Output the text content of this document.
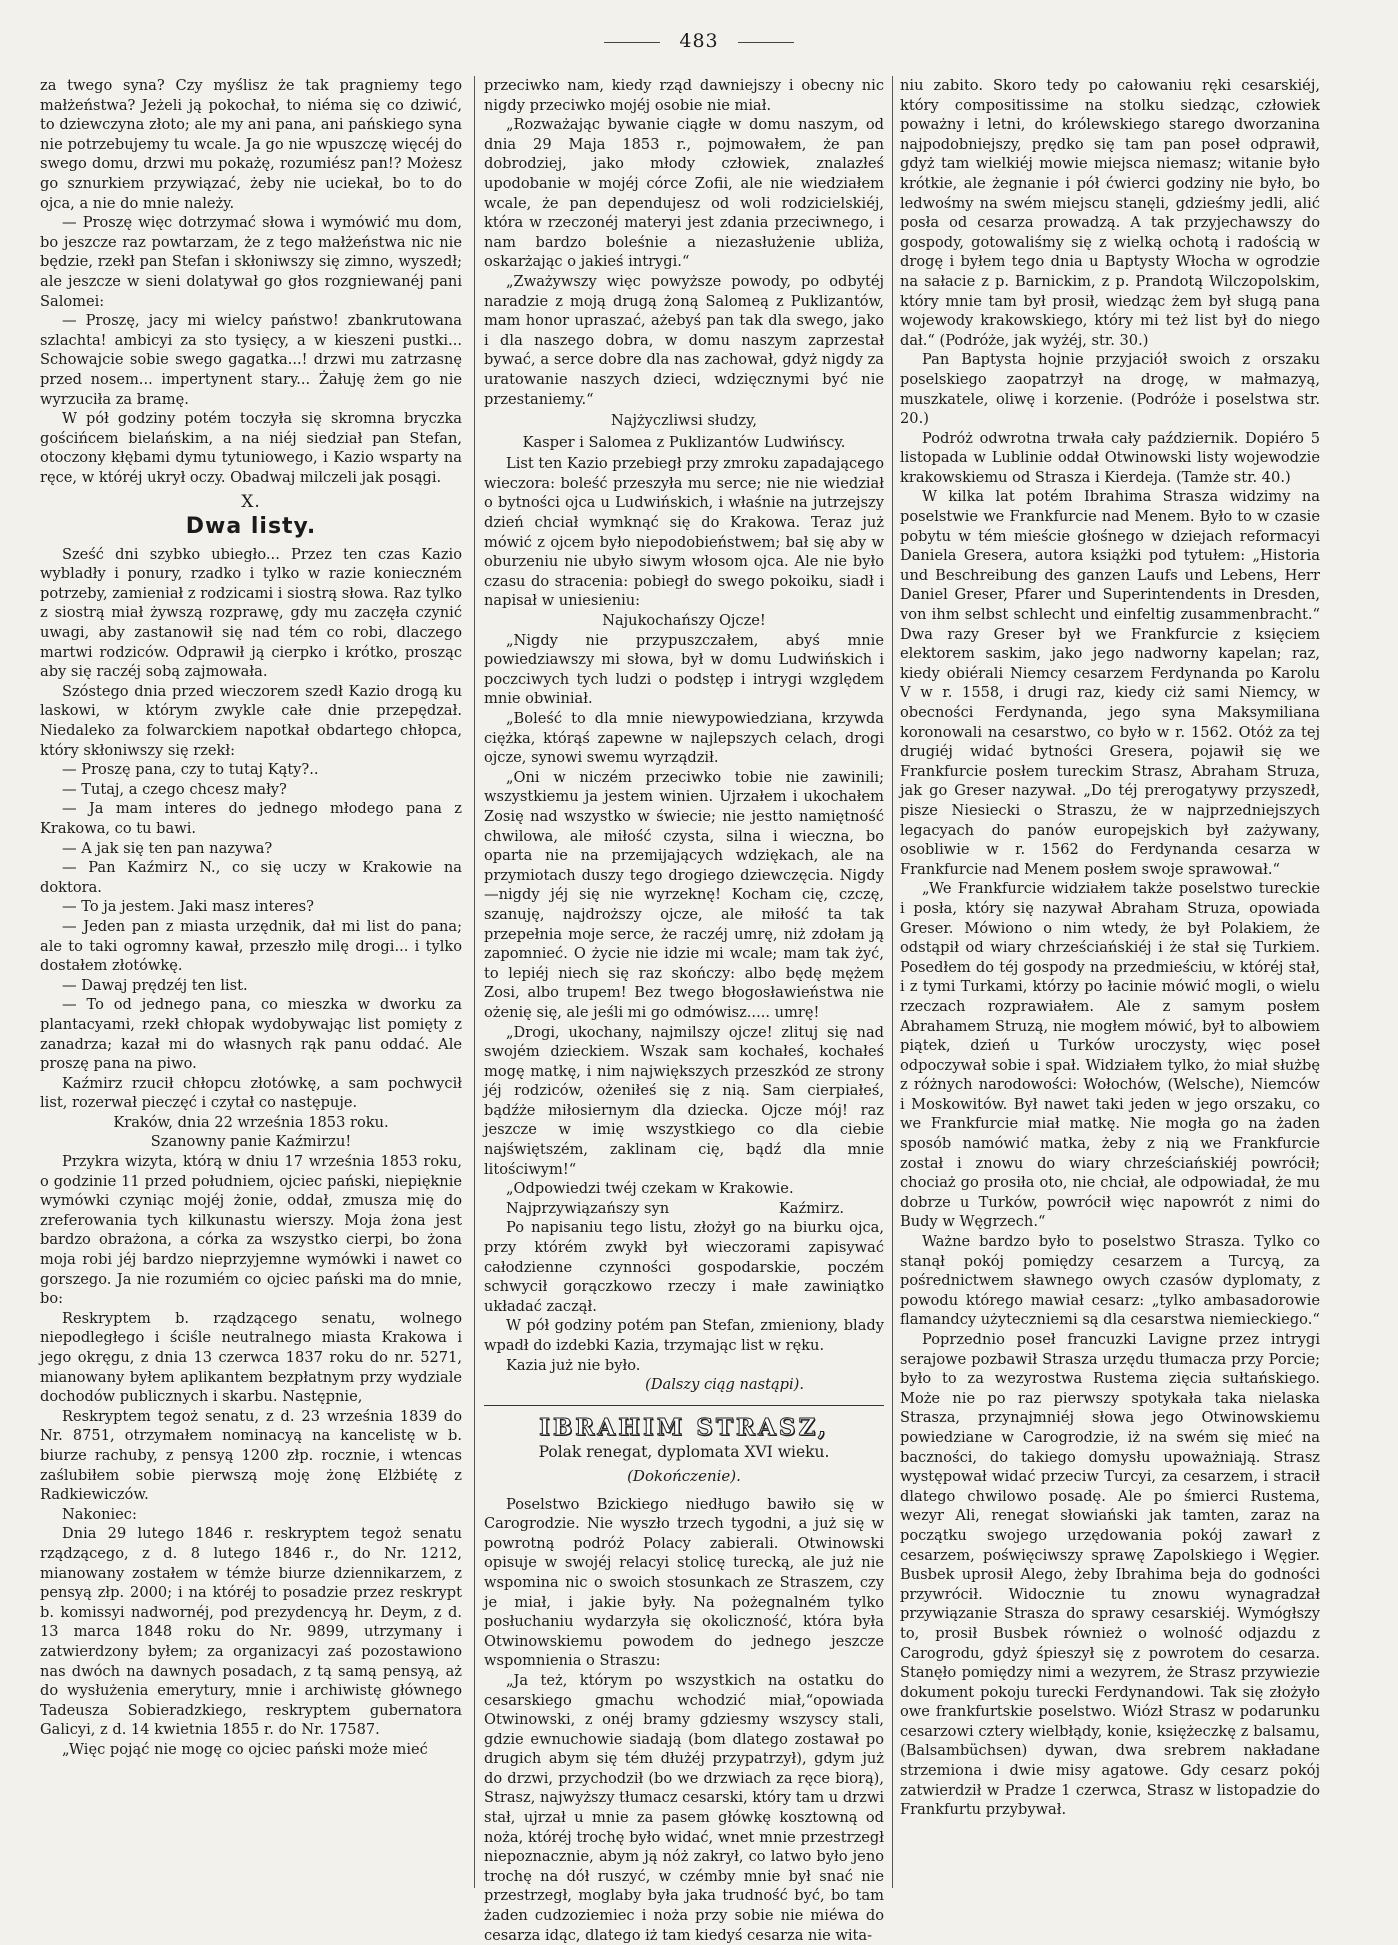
483

za twego syna? Czy myślisz że tak pragniemy tego małżeństwa? Jeżeli ją pokochał, to niéma się co dziwić, to dziewczyna złoto; ale my ani pana, ani pańskiego syna nie potrzebujemy tu wcale. Ja go nie wpuszczę więcéj do swego domu, drzwi mu pokażę, rozumiész pan!? Możesz go sznurkiem przywiązać, żeby nie uciekał, bo to do ojca, a nie do mnie należy.

— Proszę więc dotrzymać słowa i wymówić mu dom, bo jeszcze raz powtarzam, że z tego małżeństwa nic nie będzie, rzekł pan Stefan i skłoniwszy się zimno, wyszedł; ale jeszcze w sieni dolatywał go głos rozgniewanéj pani Salomei:

— Proszę, jacy mi wielcy państwo! zbankrutowana szlachta! ambicyi za sto tysięcy, a w kieszeni pustki... Schowajcie sobie swego gagatka...! drzwi mu zatrzasnę przed nosem... impertynent stary... Żałuję żem go nie wyrzuciła za bramę.

W pół godziny potém toczyła się skromna bryczka gościńcem bielańskim, a na niéj siedział pan Stefan, otoczony kłębami dymu tytuniowego, i Kazio wsparty na ręce, w któréj ukrył oczy. Obadwaj milczeli jak posągi.

X.
Dwa listy.

Sześć dni szybko ubiegło... Przez ten czas Kazio wybladły i ponury, rzadko i tylko w razie konieczném potrzeby, zamieniał z rodzicami i siostrą słowa. Raz tylko z siostrą miał żywszą rozprawę, gdy mu zaczęła czynić uwagi, aby zastanowił się nad tém co robi, dlaczego martwi rodziców. Odprawił ją cierpko i krótko, prosząc aby się raczéj sobą zajmowała.

Szóstego dnia przed wieczorem szedł Kazio drogą ku laskowi, w którym zwykle całe dnie przepędzał. Niedaleko za folwarckiem napotkał obdartego chłopca, który skłoniwszy się rzekł:

— Proszę pana, czy to tutaj Kąty?..

— Tutaj, a czego chcesz mały?

— Ja mam interes do jednego młodego pana z Krakowa, co tu bawi.

— A jak się ten pan nazywa?

— Pan Kaźmirz N., co się uczy w Krakowie na doktora.

— To ja jestem. Jaki masz interes?

— Jeden pan z miasta urzędnik, dał mi list do pana; ale to taki ogromny kawał, przeszło milę drogi... i tylko dostałem złotówkę.

— Dawaj prędzéj ten list.

— To od jednego pana, co mieszka w dworku za plantacyami, rzekł chłopak wydobywając list pomięty z zanadrza; kazał mi do własnych rąk panu oddać. Ale proszę pana na piwo.

Kaźmirz rzucił chłopcu złotówkę, a sam pochwycił list, rozerwał pieczęć i czytał co następuje.

Kraków, dnia 22 września 1853 roku.

Szanowny panie Kaźmirzu!

Przykra wizyta, którą w dniu 17 września 1853 roku, o godzinie 11 przed południem, ojciec pański, niepięknie wymówki czyniąc mojéj żonie, oddał, zmusza mię do zreferowania tych kilkunastu wierszy. Moja żona jest bardzo obrażona, a córka za wszystko cierpi, bo żona moja robi jéj bardzo nieprzyjemne wymówki i nawet co gorszego. Ja nie rozumiém co ojciec pański ma do mnie, bo:

Reskryptem b. rządzącego senatu, wolnego niepodległego i ściśle neutralnego miasta Krakowa i jego okręgu, z dnia 13 czerwca 1837 roku do nr. 5271, mianowany byłem aplikantem bezpłatnym przy wydziale dochodów publicznych i skarbu. Następnie,

Reskryptem tegoż senatu, z d. 23 września 1839 do Nr. 8751, otrzymałem nominacyą na kancelistę w b. biurze rachuby, z pensyą 1200 złp. rocznie, i wtencas zaślubiłem sobie pierwszą moję żonę Elżbiétę z Radkiewiczów.

Nakoniec:

Dnia 29 lutego 1846 r. reskryptem tegoż senatu rządzącego, z d. 8 lutego 1846 r., do Nr. 1212, mianowany zostałem w témże biurze dziennikarzem, z pensyą złp. 2000; i na któréj to posadzie przez reskrypt b. komissyi nadwornéj, pod prezydencyą hr. Deym, z d. 13 marca 1848 roku do Nr. 9899, utrzymany i zatwierdzony byłem; za organizacyi zaś pozostawiono nas dwóch na dawnych posadach, z tą samą pensyą, aż do wysłużenia emerytury, mnie i archiwistę głównego Tadeusza Sobieradzkiego, reskryptem gubernatora Galicyi, z d. 14 kwietnia 1855 r. do Nr. 17587.

„Więc pojąć nie mogę co ojciec pański może mieć

przeciwko nam, kiedy rząd dawniejszy i obecny nic nigdy przeciwko mojéj osobie nie miał.

„Rozważając bywanie ciągłe w domu naszym, od dnia 29 Maja 1853 r., pojmowałem, że pan dobrodziej, jako młody człowiek, znalazłeś upodobanie w mojéj córce Zofii, ale nie wiedziałem wcale, że pan dependujesz od woli rodzicielskiéj, która w rzeczonéj materyi jest zdania przeciwnego, i nam bardzo boleśnie a niezasłużenie ubliża, oskarżając o jakieś intrygi.“

„Zważywszy więc powyższe powody, po odbytéj naradzie z moją drugą żoną Salomeą z Puklizantów, mam honor upraszać, ażebyś pan tak dla swego, jako i dla naszego dobra, w domu naszym zaprzestał bywać, a serce dobre dla nas zachował, gdyż nigdy za uratowanie naszych dzieci, wdzięcznymi być nie przestaniemy.“

Najżyczliwsi słudzy,

Kasper i Salomea z Puklizantów Ludwińscy.

List ten Kazio przebiegł przy zmroku zapadającego wieczora: boleść przeszyła mu serce; nie nie wiedział o bytności ojca u Ludwińskich, i właśnie na jutrzejszy dzień chciał wymknąć się do Krakowa. Teraz już mówić z ojcem było niepodobieństwem; bał się aby w oburzeniu nie ubyło siwym włosom ojca. Ale nie było czasu do stracenia: pobiegł do swego pokoiku, siadł i napisał w uniesieniu:

Najukochańszy Ojcze!

„Nigdy nie przypuszczałem, abyś mnie powiedziawszy mi słowa, był w domu Ludwińskich i poczciwych tych ludzi o podstęp i intrygi względem mnie obwiniał.

„Boleść to dla mnie niewypowiedziana, krzywda ciężka, którąś zapewne w najlepszych celach, drogi ojcze, synowi swemu wyrządził.

„Oni w niczém przeciwko tobie nie zawinili; wszystkiemu ja jestem winien. Ujrzałem i ukochałem Zosię nad wszystko w świecie; nie jestto namiętność chwilowa, ale miłość czysta, silna i wieczna, bo oparta nie na przemijających wdziękach, ale na przymiotach duszy tego drogiego dziewczęcia. Nigdy—nigdy jéj się nie wyrzeknę! Kocham cię, czczę, szanuję, najdroższy ojcze, ale miłość ta tak przepełnia moje serce, że raczéj umrę, niż zdołam ją zapomnieć. O życie nie idzie mi wcale; mam tak żyć, to lepiéj niech się raz skończy: albo będę mężem Zosi, albo trupem! Bez twego błogosławieństwa nie ożenię się, ale jeśli mi go odmówisz..... umrę!

„Drogi, ukochany, najmilszy ojcze! zlituj się nad swojém dzieckiem. Wszak sam kochałeś, kochałeś mogę matkę, i nim największych przeszkód ze strony jéj rodziców, ożeniłeś się z nią. Sam cierpiałeś, bądźże miłosiernym dla dziecka. Ojcze mój! raz jeszcze w imię wszystkiego co dla ciebie najświętszém, zaklinam cię, bądź dla mnie litościwym!“

„Odpowiedzi twéj czekam w Krakowie.

Najprzywiązańszy syn	Kaźmirz.

Po napisaniu tego listu, złożył go na biurku ojca, przy którém zwykł był wieczorami zapisywać całodzienne czynności gospodarskie, poczém schwycił gorączkowo rzeczy i małe zawiniątko układać zaczął.

W pół godziny potém pan Stefan, zmieniony, blady wpadł do izdebki Kazia, trzymając list w ręku.

Kazia już nie było.

(Dalszy ciąg nastąpi).

IBRAHIM STRASZ,
Polak renegat, dyplomata XVI wieku.
(Dokończenie).

Poselstwo Bzickiego niedługo bawiło się w Carogrodzie. Nie wyszło trzech tygodni, a już się w powrotną podróż Polacy zabierali. Otwinowski opisuje w swojéj relacyi stolicę turecką, ale już nie wspomina nic o swoich stosunkach ze Straszem, czy je miał, i jakie były. Na pożegnalném tylko posłuchaniu wydarzyła się okoliczność, która była Otwinowskiemu powodem do jednego jeszcze wspomnienia o Straszu:

„Ja też, którym po wszystkich na ostatku do cesarskiego gmachu wchodzić miał,“opowiada Otwinowski, z onéj bramy gdziesmy wszyscy stali, gdzie ewnuchowie siadają (bom dlatego zostawał po drugich abym się tém dłużéj przypatrzył), gdym już do drzwi, przychodził (bo we drzwiach za ręce biorą), Strasz, najwyższy tłumacz cesarski, który tam u drzwi stał, ujrzał u mnie za pasem główkę kosztowną od noża, któréj trochę było widać, wnet mnie przestrzegł niepoznacznie, abym ją nóż zakrył, co latwo było jeno trochę na dół ruszyć, w czémby mnie był snać nie przestrzegł, moglaby była jaka trudność być, bo tam żaden cudzoziemiec i noża przy sobie nie miéwa do cesarza idąc, dlatego iż tam kiedyś cesarza nie wita-

niu zabito. Skoro tedy po całowaniu ręki cesarskiéj, który compositissime na stolku siedząc, człowiek poważny i letni, do królewskiego starego dworzanina najpodobniejszy, prędko się tam pan poseł odprawił, gdyż tam wielkiéj mowie miejsca niemasz; witanie było krótkie, ale żegnanie i pół ćwierci godziny nie było, bo ledwośmy na swém miejscu stanęli, gdzieśmy jedli, alić posła od cesarza prowadzą. A tak przyjechawszy do gospody, gotowaliśmy się z wielką ochotą i radością w drogę i byłem tego dnia u Baptysty Włocha w ogrodzie na sałacie z p. Barnickim, z p. Prandotą Wilczopolskim, który mnie tam był prosił, wiedząc żem był sługą pana wojewody krakowskiego, który mi też list był do niego dał.“ (Podróże, jak wyżéj, str. 30.)

Pan Baptysta hojnie przyjaciół swoich z orszaku poselskiego zaopatrzył na drogę, w małmazyą, muszkatele, oliwę i korzenie. (Podróże i poselstwa str. 20.)

Podróż odwrotna trwała cały październik. Dopiéro 5 listopada w Lublinie oddał Otwinowski listy wojewodzie krakowskiemu od Strasza i Kierdeja. (Tamże str. 40.)

W kilka lat potém Ibrahima Strasza widzimy na poselstwie we Frankfurcie nad Menem. Było to w czasie pobytu w tém mieście głośnego w dziejach reformacyi Daniela Gresera, autora książki pod tytułem: „Historia und Beschreibung des ganzen Laufs und Lebens, Herr Daniel Greser, Pfarer und Superintendents in Dresden, von ihm selbst schlecht und einfeltig zusammenbracht.“ Dwa razy Greser był we Frankfurcie z księciem elektorem saskim, jako jego nadworny kapelan; raz, kiedy obiérali Niemcy cesarzem Ferdynanda po Karolu V w r. 1558, i drugi raz, kiedy ciż sami Niemcy, w obecności Ferdynanda, jego syna Maksymiliana koronowali na cesarstwo, co było w r. 1562. Otóż za tej drugiéj widać bytności Gresera, pojawił się we Frankfurcie posłem tureckim Strasz, Abraham Struza, jak go Greser nazywał. „Do téj prerogatywy przyszedł, pisze Niesiecki o Straszu, że w najprzedniejszych legacyach do panów europejskich był zażywany, osobliwie w r. 1562 do Ferdynanda cesarza w Frankfurcie nad Menem posłem swoje sprawował.“

„We Frankfurcie widziałem także poselstwo tureckie i posła, który się nazywał Abraham Struza, opowiada Greser. Mówiono o nim wtedy, że był Polakiem, że odstąpił od wiary chrześciańskiéj i że stał się Turkiem. Posedłem do téj gospody na przedmieściu, w któréj stał, i z tymi Turkami, którzy po łacinie mówić mogli, o wielu rzeczach rozprawiałem. Ale z samym posłem Abrahamem Struzą, nie mogłem mówić, był to albowiem piątek, dzień u Turków uroczysty, więc poseł odpoczywał sobie i spał. Widziałem tylko, żo miał służbę z różnych narodowości: Wołochów, (Welsche), Niemców i Moskowitów. Był nawet taki jeden w jego orszaku, co we Frankfurcie miał matkę. Nie mogła go na żaden sposób namówić matka, żeby z nią we Frankfurcie został i znowu do wiary chrześciańskiéj powrócił; chociaż go prosiła oto, nie chciał, ale odpowiadał, że mu dobrze u Turków, powrócił więc napowrót z nimi do Budy w Węgrzech.“

Ważne bardzo było to poselstwo Strasza. Tylko co stanął pokój pomiędzy cesarzem a Turcyą, za pośrednictwem sławnego owych czasów dyplomaty, z powodu którego mawiał cesarz: „tylko ambasadorowie flamandcy użyteczniemi są dla cesarstwa niemieckiego.“

Poprzednio poseł francuzki Lavigne przez intrygi serajowe pozbawił Strasza urzędu tłumacza przy Porcie; było to za wezyrostwa Rustema zięcia sułtańskiego. Może nie po raz pierwszy spotykała taka nielaska Strasza, przynajmniéj słowa jego Otwinowskiemu powiedziane w Carogrodzie, iż na swém się mieć na baczności, do takiego domysłu upoważniają. Strasz występował widać przeciw Turcyi, za cesarzem, i stracił dlatego chwilowo posadę. Ale po śmierci Rustema, wezyr Ali, renegat słowiański jak tamten, zaraz na początku swojego urzędowania pokój zawarł z cesarzem, poświęciwszy sprawę Zapolskiego i Węgier. Busbek uprosił Alego, żeby Ibrahima beja do godności przywrócił. Widocznie tu znowu wynagradzał przywiązanie Strasza do sprawy cesarskiéj. Wymógłszy to, prosił Busbek również o wolność odjazdu z Carogrodu, gdyż śpieszył się z powrotem do cesarza. Stanęło pomiędzy nimi a wezyrem, że Strasz przywiezie dokument pokoju turecki Ferdynandowi. Tak się złożyło owe frankfurtskie poselstwo. Wiózł Strasz w podarunku cesarzowi cztery wielbłądy, konie, księżeczkę z balsamu, (Balsambüchsen) dywan, dwa srebrem nakładane strzemiona i dwie misy agatowe. Gdy cesarz pokój zatwierdził w Pradze 1 czerwca, Strasz w listopadzie do Frankfurtu przybywał.
